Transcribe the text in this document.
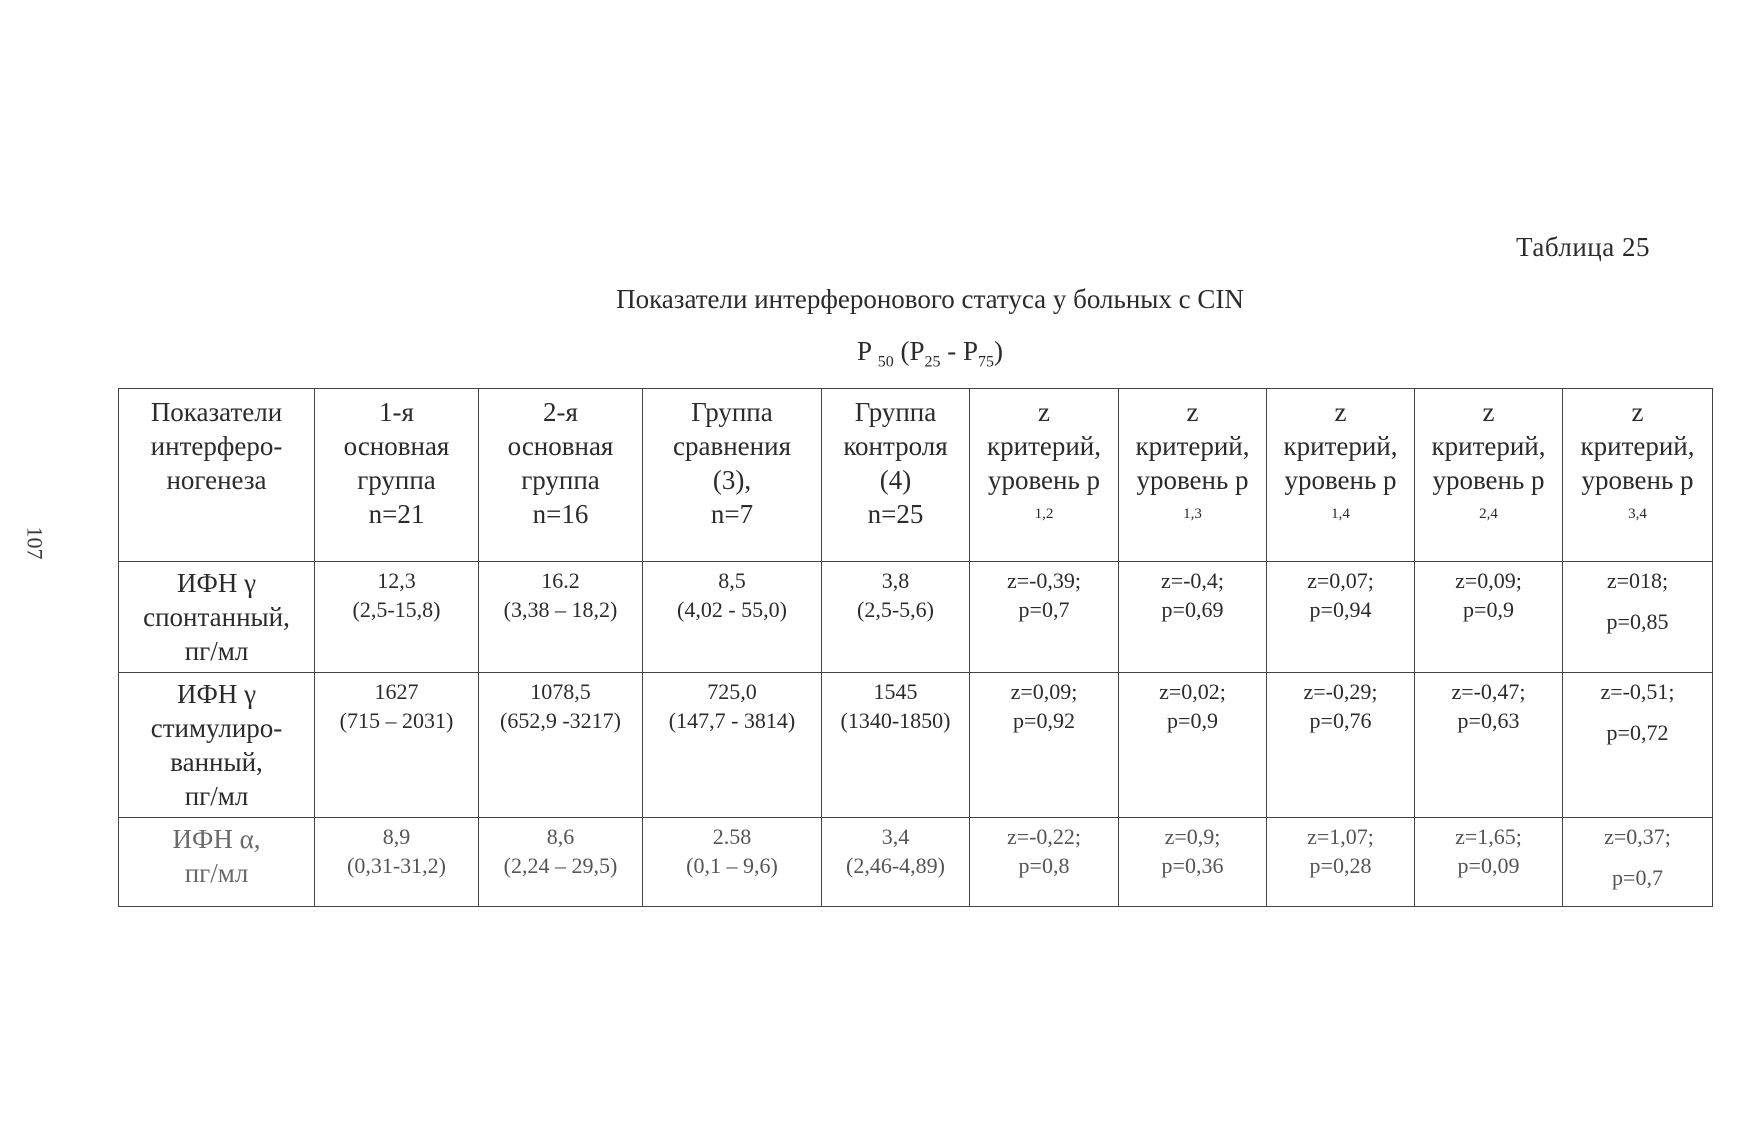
107
Таблица 25
Показатели интерферонового статуса у больных с CIN
P $_{50}$ $(P_{25} - P_{75})$
Показатели
интерферо-
ногенеза	1-я
основная
группа
n=21	2-я
основная
группа
n=16	Группа
сравнения
(3),
n=7	Группа
контроля
(4)
n=25	z
критерий,
уровень р
1,2	z
критерий,
уровень р
1,3	z
критерий,
уровень р
1,4	z
критерий,
уровень р
2,4	z
критерий,
уровень р
3,4

ИФН γ
спонтанный,
пг/мл	12,3
(2,5-15,8)	16.2
(3,38 – 18,2)	8,5
(4,02 - 55,0)	3,8
(2,5-5,6)	z=-0,39;
р=0,7	z=-0,4;
р=0,69	z=0,07;
р=0,94	z=0,09;
р=0,9	z=018;
р=0,85

ИФН γ
стимулиро-
ванный,
пг/мл	1627
(715 – 2031)	1078,5
(652,9 -3217)	725,0
(147,7 - 3814)	1545
(1340-1850)	z=0,09;
р=0,92	z=0,02;
р=0,9	z=-0,29;
р=0,76	z=-0,47;
р=0,63	z=-0,51;
р=0,72

ИФН α,
пг/мл	8,9
(0,31-31,2)	8,6
(2,24 – 29,5)	2.58
(0,1 – 9,6)	3,4
(2,46-4,89)	z=-0,22;
р=0,8	z=0,9;
р=0,36	z=1,07;
р=0,28	z=1,65;
р=0,09	z=0,37;
р=0,7
